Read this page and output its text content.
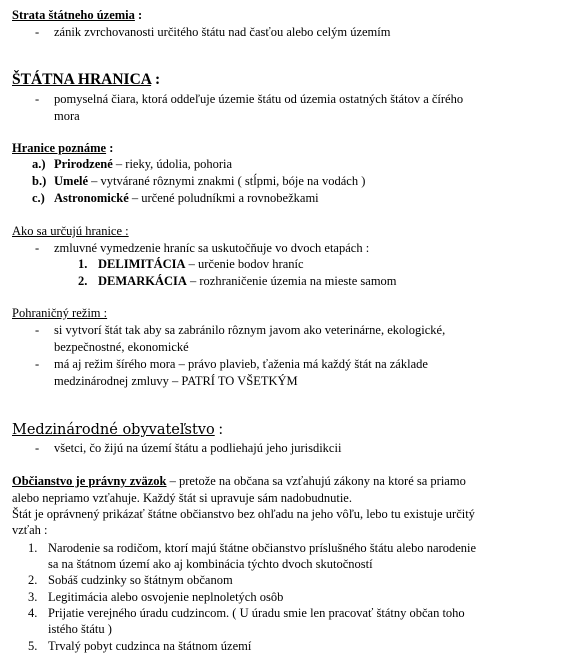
Strata štátneho územia :
- zánik zvrchovanosti určitého štátu nad časťou alebo celým územím
ŠTÁTNA HRANICA :
- pomyselná čiara, ktorá oddeľuje územie štátu od územia ostatných štátov a čírého
mora
Hranice poznáme :
a.) Prirodzené – rieky, údolia, pohoria
b.) Umelé – vytvárané rôznymi znakmi ( stĺpmi, bóje na vodách )
c.) Astronomické – určené poludníkmi a rovnobežkami
Ako sa určujú hranice :
- zmluvné vymedzenie hraníc sa uskutočňuje vo dvoch etapách :
1. DELIMITÁCIA – určenie bodov hraníc
2. DEMARKÁCIA – rozhraničenie územia na mieste samom
Pohraničný režim :
- si vytvorí štát tak aby sa zabránilo rôznym javom ako veterinárne, ekologické,
bezpečnostné, ekonomické
- má aj režim šírého mora – právo plavieb, ťaženia má každý štát na základe
medzinárodnej zmluvy – PATRÍ TO VŠETKÝM
Medzinárodné obyvateľstvo :
- všetci, čo žijú na území štátu a podliehajú jeho jurisdikcii
Občianstvo je právny zväzok – pretože na občana sa vzťahujú zákony na ktoré sa priamo
alebo nepriamo vzťahuje. Každý štát si upravuje sám nadobudnutie.
Štát je oprávnený prikázať štátne občianstvo bez ohľadu na jeho vôľu, lebo tu existuje určitý
vzťah :
1. Narodenie sa rodičom, ktorí majú štátne občianstvo príslušného štátu alebo narodenie
sa na štátnom území ako aj kombinácia týchto dvoch skutočností
2. Sobáš cudzinky so štátnym občanom
3. Legitimácia alebo osvojenie neplnoletých osôb
4. Prijatie verejného úradu cudzincom. ( U úradu smie len pracovať štátny občan toho
istého štátu )
5. Trvalý pobyt cudzinca na štátnom území
